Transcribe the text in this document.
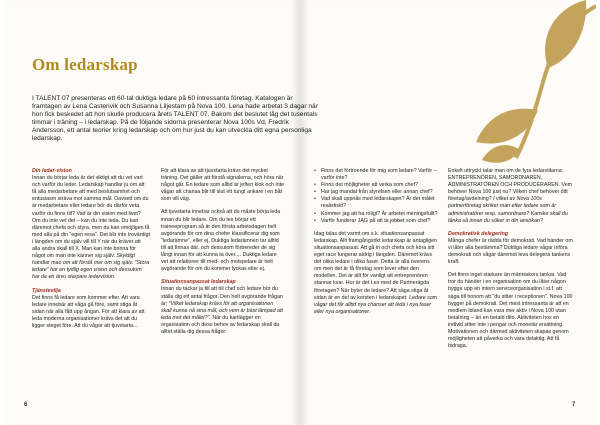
Om ledarskap

I TALENT 07 presenteras ett 60-tal duktiga ledare på 60 intressanta företag. Katalogen är framtagen av Lena Castenvik och Susanna Liljestam på Nova 100. Lena hade arbetat 3 dagar när hon fick beskedet att hon skulle producera årets TALENT 07. Bakom det beslutet låg det tusentals timmar i träning – i ledarskap. På de följande sidorna presenterar Nova 100s Vd, Fredrik Andersson, ett antal teorier kring ledarskap och om hur just du kan utveckla ditt egna personliga ledarskap.

Din ledar-vision

Innan du börjar leda är det viktigt att du vet vart och varför du leder. Ledarskap handlar ju om att få alla medarbetare att med beslutsamhet och entusiasm sträva mot samma mål. Oavsett om du är medarbetare eller ledare bör du därför veta varför du finns till? Vad är din vision med livet? Om du inte vet det – kan du inte leda. Du kan däremot chefa och styra, men du kan omöjligen få med alla på din "egen resa". Det blir inte trovärdigt i längden om du själv vill till Y när du kräver att alla andra skall till X. Man kan inte brinna för något om man inte känner sig själv. Skyldigt handlar mao om att förstå mer om sig själv. "Stora ledare" har en tydlig egen vision och dessutom har de en ärvu starpare ledarvision.

Tjänstevilja

Det finns få ledare som kommer efter. Att vara ledare innebär att våga gå före, samt stiga åt sidan när alla fått upp ångan. För att klara av att leda moderna organisationer krävs det att du ligger steget före. Att du vågar att tjuvstarta...

För att klara av att tjuvstarta krävs det mycket träning. Det gäller att förstå signalerna, och höra när något går. En ledare som alltid är jefteri klok och inte vågar att chansa blir till slut ett tungt ankare i en båt som vill väg.

Att tjuvstarta innebär också att du måste börja leda innan du blir ledare. Om du tex börjar ett traineeprogram så är den första arbetsdagen helt avgörande för om dina chefer klassificerar dig som "ledarämne", eller ej. Duktiga ledarämnen tar alltid till att finnas där, och dessutom förbereder de sig långt innan för att kunna ta över.... Duktiga ledare vet att relationer till med- och motspelare är helt avgörande för om du kommer lyckas eller ej.

Situationsanpassat ledarskap

Innan du tackar ja till att bli chef och ledare bör du ställa dig ett antal frågor. Den helt avgörande frågan är; "Vilket ledarskap krävs för att organisationen skall kunna nå sina mål, och vem är bäst lämpad att leda mot det målet?". När du kartlägger en organisation och dess behov av ledarskap skall du alltid ställa dig dessa frågor:

• Finns det förtroende för mig som ledare? Varför – varför inte?
• Finns det möjligheter att verka som chef?
• Har jag mandat från styrelsen eller annan chef?
• Vad skall uppnås med ledarskapet? Är det målet realistiskt?
• Kommer jag att ha roligt? Är arbetet meningsfullt?
• Varför funderar JAG på att ta jobbet som chef?

Idag talas det varmt om s.k. situationsanpassat ledarskap. Allt framgångsrikt ledarskap är antagligen situationsanpassat. Att gå in och chefa och köra sitt eget race fungerar aldrig i längden. Däremot krävs det olika ledare i olika faser. Detta är alla överens om men det är få företag som lever efter den modellen. Det är allt för vanligt att entreprenören stannar kvar. Hur är det t.ex med de Partnerägda företagen? När byter de ledare? Att säga stiga åt sidan är en del av korsten i ledarskapet. Ledare som vågar det får alltid nya chanser att leda i nya faser eller nya organisationer.

Enkelt uttryckt talar man om de fyra ledarstilarna: ENTREPRENÖREN, SAMORDNAREN, ADMINISTRATÖREN OCH PRODUCERAREN. Vem behöver Nova 100 just nu? Vilken chef behöver ditt företag/avdelning? I vilket av Nova 100s partnerföretag skriker man efter ledare som är administratörer resp. samordnare? Kanske skall du tänka så innan du söker in din ansökan?

Demokratisk delegering

Många chefer är rädda för demokrati. Vad händer om vi låter alla bestämma? Duktiga ledare vågar införa demokrati och vågar däremot leva delegera tankens kraft.

Det finns inget starkare än människors tankar. Vad tror du händer i en organisation om du låter någon bygga upp en intern serviceorganisation i st.f. att säga till honom att "du sitter i receptionen". Nova 100 bygger på demokrati. Det mest intressanta är att en medlem ibland kan vara mer aktiv i Nova 100 utan betalning – än en betald dito. Aktiviteten hos en individ sitter inte i pengar och monetär ersättning. Motivationen och därmed aktiviteten skapas genom möjligheten att påverka och vara delaktig. Att få bidraga.

6	7
